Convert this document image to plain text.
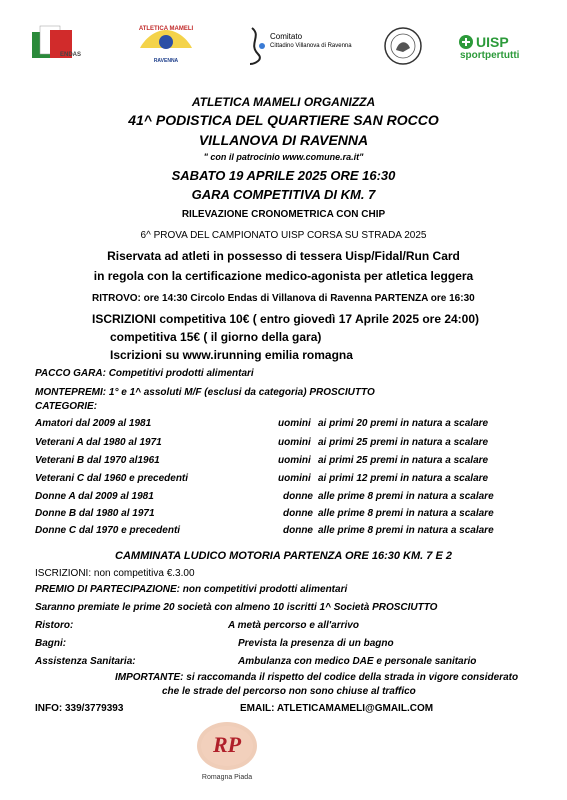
ENDAS
ATLETICA MAMELI
RAVENNA
Comitato
Cittadino Villanova di Ravenna	UISP
sportpertutti
ATLETICA MAMELI ORGANIZZA
41^ PODISTICA DEL QUARTIERE SAN ROCCO
VILLANOVA DI RAVENNA
" con il patrocinio www.comune.ra.it"
SABATO 19 APRILE 2025 ORE 16:30
GARA COMPETITIVA DI KM. 7
RILEVAZIONE CRONOMETRICA CON CHIP
6^ PROVA DEL CAMPIONATO UISP CORSA SU STRADA 2025
Riservata ad atleti in possesso di tessera Uisp/Fidal/Run Card
in regola con la certificazione medico-agonista per atletica leggera
RITROVO: ore 14:30 Circolo Endas di Villanova di Ravenna PARTENZA ore 16:30
ISCRIZIONI competitiva 10€ ( entro giovedì 17 Aprile 2025 ore 24:00)
competitiva 15€ ( il giorno della gara)
Iscrizioni su www.irunning emilia romagna
PACCO GARA: Competitivi prodotti alimentari
MONTEPREMI: 1° e 1^ assoluti M/F (esclusi da categoria) PROSCIUTTO
CATEGORIE:
Amatori dal 2009 al 1981	uomini ai primi 20 premi in natura a scalare
Veterani A dal 1980 al 1971	uomini ai primi 25 premi in natura a scalare
Veterani B dal 1970 al1961	uomini ai primi 25 premi in natura a scalare
Veterani C dal 1960 e precedenti	uomini ai primi 12 premi in natura a scalare
Donne A dal 2009 al 1981	donne alle prime 8 premi in natura a scalare
Donne B dal 1980 al 1971	donne alle prime 8 premi in natura a scalare
Donne C dal 1970 e precedenti	donne alle prime 8 premi in natura a scalare
CAMMINATA LUDICO MOTORIA PARTENZA ORE 16:30 KM. 7 E 2
ISCRIZIONI: non competitiva €.3.00
PREMIO DI PARTECIPAZIONE: non competitivi prodotti alimentari
Saranno premiate le prime 20 società con almeno 10 iscritti 1^ Società PROSCIUTTO
Ristoro:	A metà percorso e all'arrivo
Bagni:	Prevista la presenza di un bagno
Assistenza Sanitaria:	Ambulanza con medico DAE e personale sanitario
IMPORTANTE: si raccomanda il rispetto del codice della strada in vigore considerato
che le strade del percorso non sono chiuse al traffico
INFO: 339/3779393	EMAIL: ATLETICAMAMELI@GMAIL.COM
RP
Romagna Piada
